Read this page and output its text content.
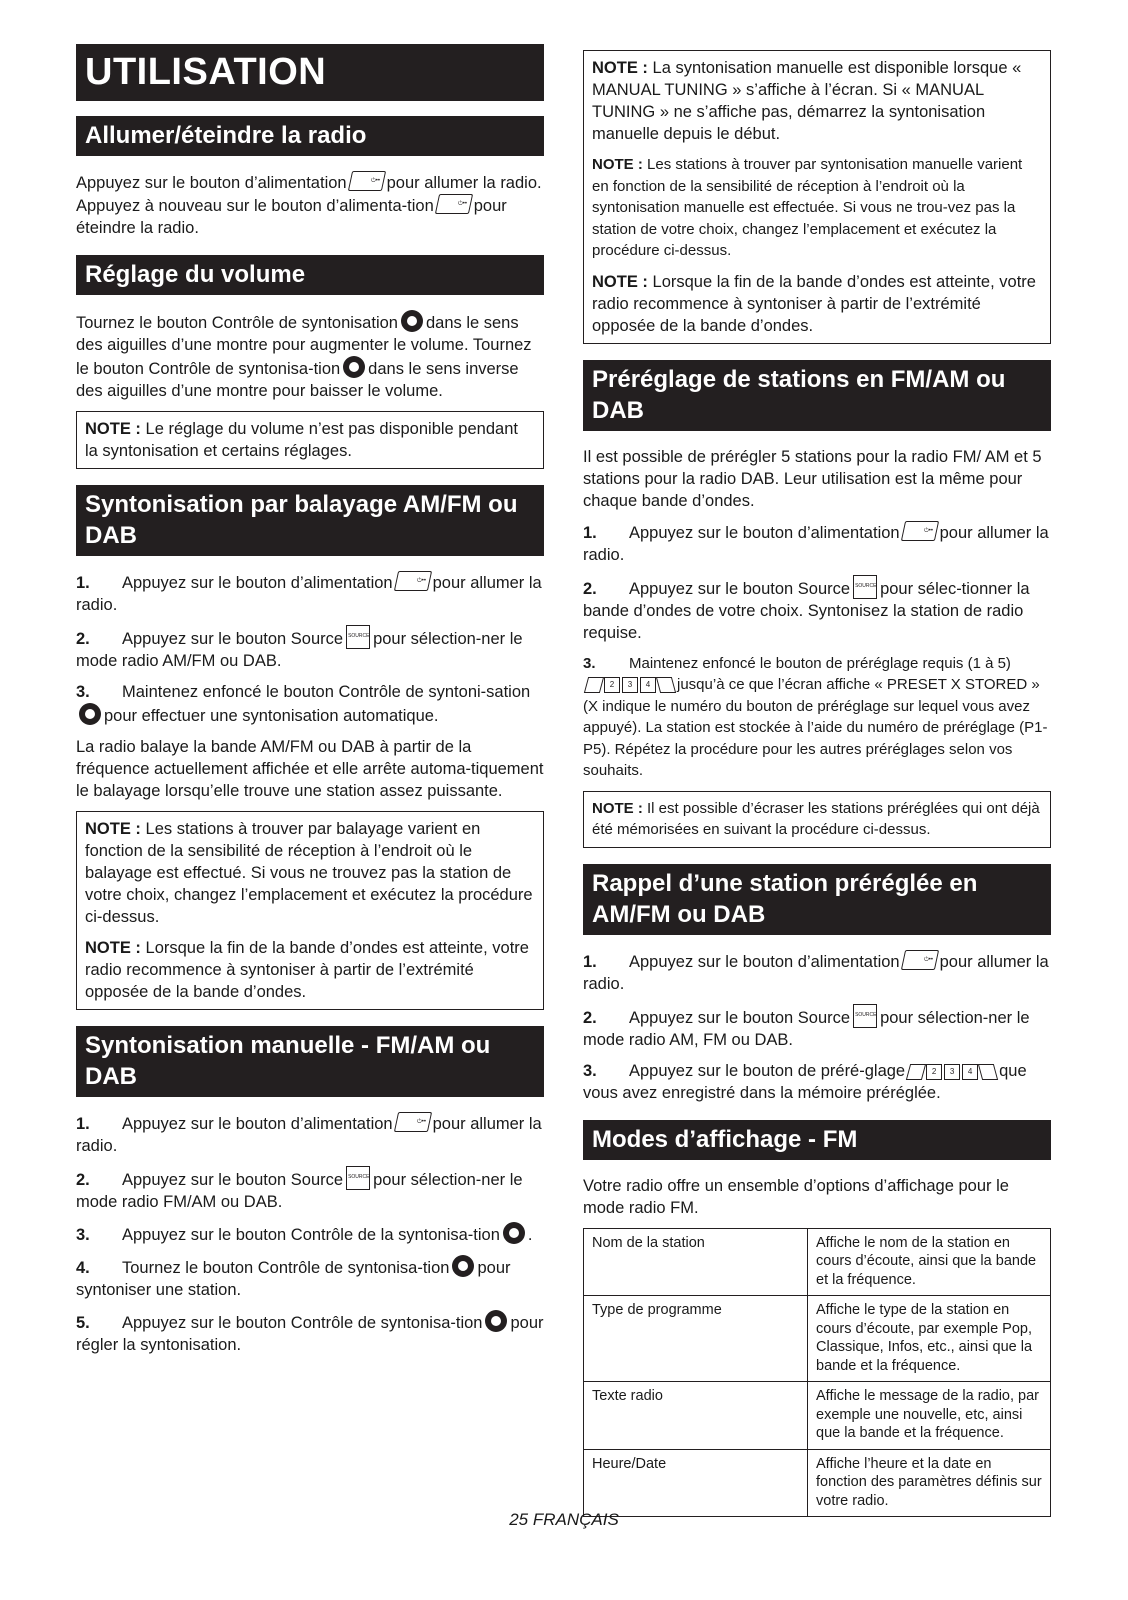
UTILISATION
Allumer/éteindre la radio

Appuyez sur le bouton d’alimentation ⏻•• pour allumer la radio. Appuyez à nouveau sur le bouton d’alimenta-tion⏻•• pour éteindre la radio.

Réglage du volume

Tournez le bouton Contrôle de syntonisation dans le sens des aiguilles d’une montre pour augmenter le volume. Tournez le bouton Contrôle de syntonisa-tion dans le sens inverse des aiguilles d’une montre pour baisser le volume.

NOTE : Le réglage du volume n’est pas disponible pendant la syntonisation et certains réglages.

Syntonisation par balayage AM/FM ou DAB

1. Appuyez sur le bouton d’alimentation ⏻•• pour allumer la radio.

2. Appuyez sur le bouton Source SOURCE pour sélection-ner le mode radio AM/FM ou DAB.

3. Maintenez enfoncé le bouton Contrôle de syntoni-sationpour effectuer une syntonisation automatique.

La radio balaye la bande AM/FM ou DAB à partir de la fréquence actuellement affichée et elle arrête automa-tiquement le balayage lorsqu’elle trouve une station assez puissante.

NOTE : Les stations à trouver par balayage varient en fonction de la sensibilité de réception à l’endroit où le balayage est effectué. Si vous ne trouvez pas la station de votre choix, changez l’emplacement et exécutez la procédure ci-dessus.

NOTE : Lorsque la fin de la bande d’ondes est atteinte, votre radio recommence à syntoniser à partir de l’extrémité opposée de la bande d’ondes.

Syntonisation manuelle - FM/AM ou DAB

1. Appuyez sur le bouton d’alimentation ⏻•• pour allumer la radio.

2. Appuyez sur le bouton Source SOURCE pour sélection-ner le mode radio FM/AM ou DAB.

3. Appuyez sur le bouton Contrôle de la syntonisa-tion .

4. Tournez le bouton Contrôle de syntonisa-tion pour syntoniser une station.

5. Appuyez sur le bouton Contrôle de syntonisa-tion pour régler la syntonisation.

NOTE : La syntonisation manuelle est disponible lorsque « MANUAL TUNING » s’affiche à l’écran. Si « MANUAL TUNING » ne s’affiche pas, démarrez la syntonisation manuelle depuis le début.

NOTE : Les stations à trouver par syntonisation manuelle varient en fonction de la sensibilité de réception à l’endroit où la syntonisation manuelle est effectuée. Si vous ne trou-vez pas la station de votre choix, changez l’emplacement et exécutez la procédure ci-dessus.

NOTE : Lorsque la fin de la bande d’ondes est atteinte, votre radio recommence à syntoniser à partir de l’extrémité opposée de la bande d’ondes.

Préréglage de stations en FM/AM ou DAB

Il est possible de prérégler 5 stations pour la radio FM/ AM et 5 stations pour la radio DAB. Leur utilisation est la même pour chaque bande d’ondes.

1. Appuyez sur le bouton d’alimentation ⏻•• pour allumer la radio.

2. Appuyez sur le bouton Source SOURCE pour sélec-tionner la bande d’ondes de votre choix. Syntonisez la station de radio requise.

3. Maintenez enfoncé le bouton de préréglage requis (1 à 5)
2	3	4	jusqu’à ce que l’écran affiche « PRESET X STORED » (X indique le numéro du bouton de préréglage sur lequel vous avez appuyé). La station est stockée à l’aide du numéro de préréglage (P1-P5). Répétez la procédure pour les autres préréglages selon vos souhaits.

NOTE : Il est possible d’écraser les stations préréglées qui ont déjà été mémorisées en suivant la procédure ci-dessus.

Rappel d’une station préréglée en AM/FM ou DAB

1. Appuyez sur le bouton d’alimentation ⏻•• pour allumer la radio.

2. Appuyez sur le bouton Source SOURCE pour sélection-ner le mode radio AM, FM ou DAB.

3. Appuyez sur le bouton de préré-glage	2	3	4	que vous avez enregistré dans la mémoire préréglée.

Modes d’affichage - FM

Votre radio offre un ensemble d’options d’affichage pour le mode radio FM.

Nom de la station	Affiche le nom de la station en cours d’écoute, ainsi que la bande et la fréquence.
Type de programme	Affiche le type de la station en cours d’écoute, par exemple Pop, Classique, Infos, etc., ainsi que la bande et la fréquence.
Texte radio	Affiche le message de la radio, par exemple une nouvelle, etc, ainsi que la bande et la fréquence.
Heure/Date	Affiche l’heure et la date en fonction des paramètres définis sur votre radio.
25 FRANÇAIS
